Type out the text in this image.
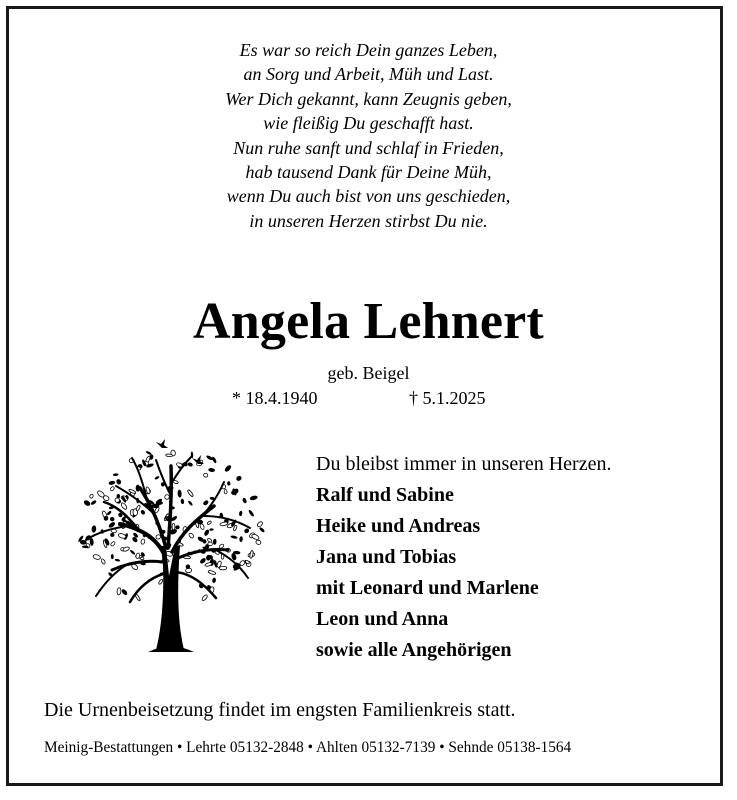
Es war so reich Dein ganzes Leben,
an Sorg und Arbeit, Müh und Last.
Wer Dich gekannt, kann Zeugnis geben,
wie fleißig Du geschafft hast.
Nun ruhe sanft und schlaf in Frieden,
hab tausend Dank für Deine Müh,
wenn Du auch bist von uns geschieden,
in unseren Herzen stirbst Du nie.
Angela Lehnert
geb. Beigel
* 18.4.1940	† 5.1.2025
Du bleibst immer in unseren Herzen.
Ralf und Sabine
Heike und Andreas
Jana und Tobias
mit Leonard und Marlene
Leon und Anna
sowie alle Angehörigen
Die Urnenbeisetzung findet im engsten Familienkreis statt.
Meinig-Bestattungen • Lehrte 05132-2848 • Ahlten 05132-7139 • Sehnde 05138-1564
